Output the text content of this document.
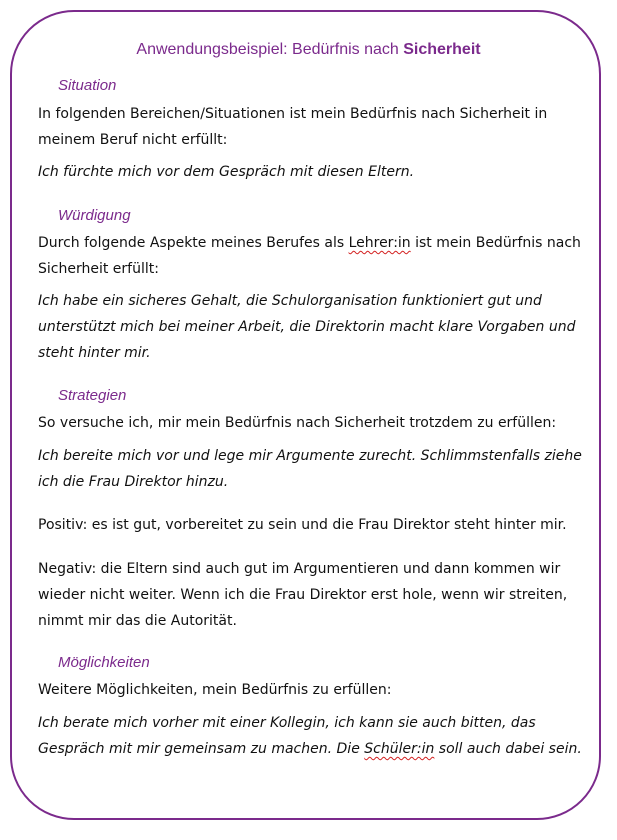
Anwendungsbeispiel: Bedürfnis nach Sicherheit
Situation
In folgenden Bereichen/Situationen ist mein Bedürfnis nach Sicherheit in meinem Beruf nicht erfüllt:
Ich fürchte mich vor dem Gespräch mit diesen Eltern.
Würdigung
Durch folgende Aspekte meines Berufes als Lehrer:in ist mein Bedürfnis nach Sicherheit erfüllt:
Ich habe ein sicheres Gehalt, die Schulorganisation funktioniert gut und unterstützt mich bei meiner Arbeit, die Direktorin macht klare Vorgaben und steht hinter mir.
Strategien
So versuche ich, mir mein Bedürfnis nach Sicherheit trotzdem zu erfüllen:
Ich bereite mich vor und lege mir Argumente zurecht. Schlimmstenfalls ziehe ich die Frau Direktor hinzu.
Positiv: es ist gut, vorbereitet zu sein und die Frau Direktor steht hinter mir.
Negativ: die Eltern sind auch gut im Argumentieren und dann kommen wir wieder nicht weiter. Wenn ich die Frau Direktor erst hole, wenn wir streiten, nimmt mir das die Autorität.
Möglichkeiten
Weitere Möglichkeiten, mein Bedürfnis zu erfüllen:
Ich berate mich vorher mit einer Kollegin, ich kann sie auch bitten, das Gespräch mit mir gemeinsam zu machen. Die Schüler:in soll auch dabei sein.
